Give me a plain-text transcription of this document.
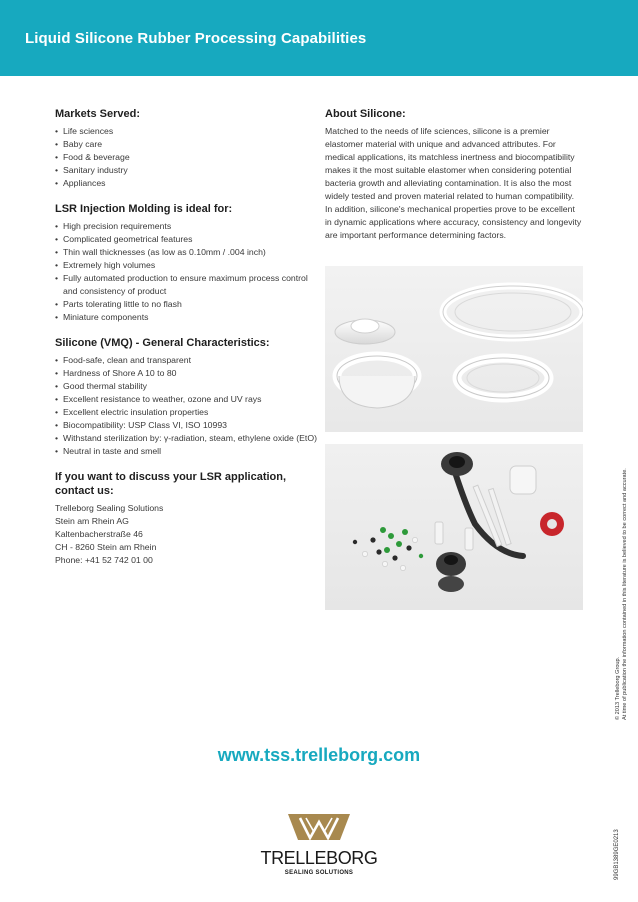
Liquid Silicone Rubber Processing Capabilities
Markets Served:
• Life sciences
• Baby care
• Food & beverage
• Sanitary industry
• Appliances
LSR Injection Molding is ideal for:
• High precision requirements
• Complicated geometrical features
• Thin wall thicknesses (as low as 0.10mm / .004 inch)
• Extremely high volumes
• Fully automated production to ensure maximum process control and consistency of product
• Parts tolerating little to no flash
• Miniature components
Silicone (VMQ) - General Characteristics:
• Food-safe, clean and transparent
• Hardness of Shore A 10 to 80
• Good thermal stability
• Excellent resistance to weather, ozone and UV rays
• Excellent electric insulation properties
• Biocompatibility: USP Class VI, ISO 10993
• Withstand sterilization by: γ-radiation, steam, ethylene oxide (EtO)
• Neutral in taste and smell
If you want to discuss your LSR application, contact us:
Trelleborg Sealing Solutions
Stein am Rhein AG
Kaltenbacherstraße 46
CH - 8260 Stein am Rhein
Phone: +41 52 742 01 00
About Silicone:

Matched to the needs of life sciences, silicone is a premier elastomer material with unique and advanced attributes. For medical applications, its matchless inertness and biocompatibility makes it the most suitable elastomer when considering potential bacteria growth and alleviating contamination. It is also the most widely tested and proven material related to human compatibility. In addition, silicone's mechanical properties prove to be excellent in dynamic applications where accuracy, consistency and longevity are important performance determining factors.

© 2013 Trelleborg Group. At time of publication the information contained in this literature is believed to be correct and accurate.
99GB1389GE0213
www.tss.trelleborg.com
TRELLEBORG
SEALING SOLUTIONS
